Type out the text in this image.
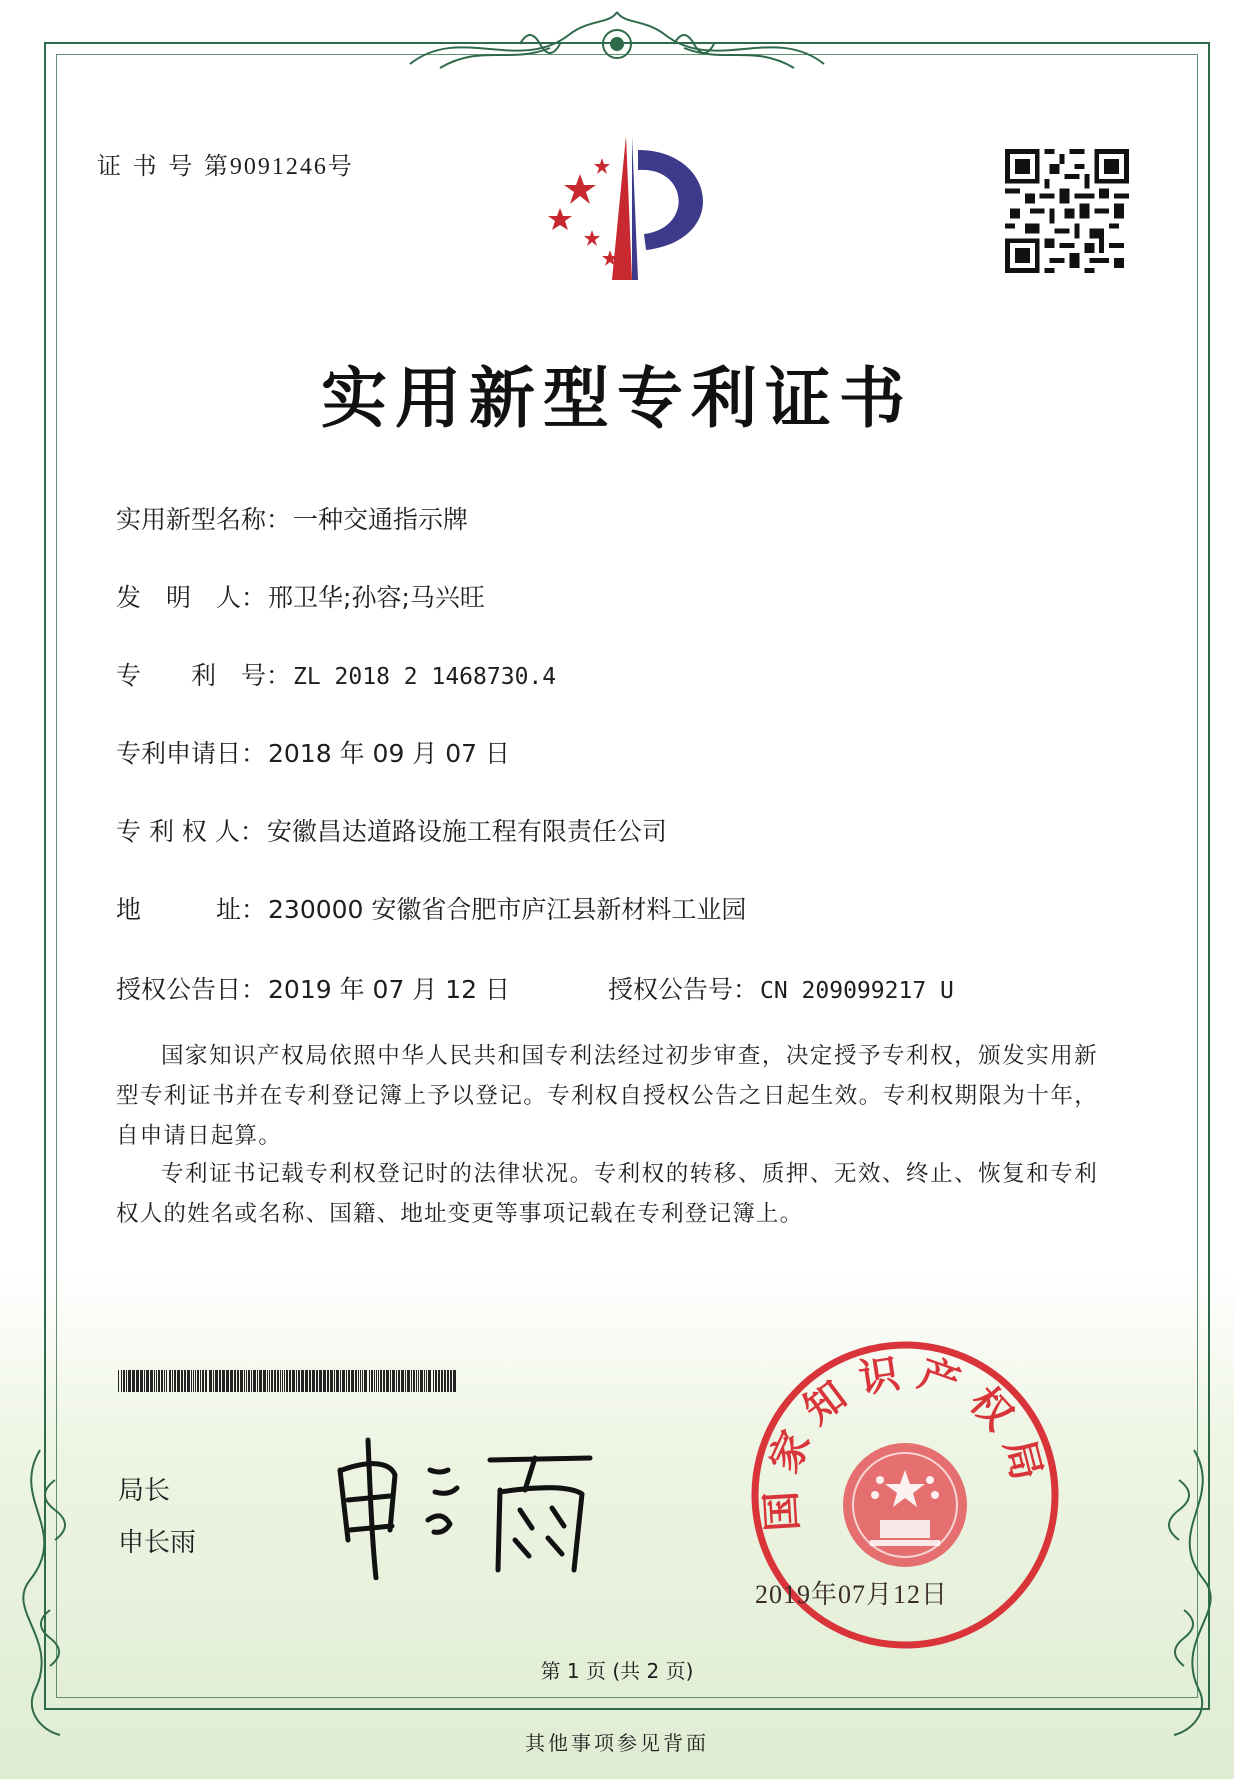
证 书 号 第9091246号
实用新型专利证书
实用新型名称：一种交通指示牌
发　明　人：邢卫华;孙容;马兴旺
专　　利　号：ZL 2018 2 1468730.4
专利申请日：2018 年 09 月 07 日
专 利 权 人：安徽昌达道路设施工程有限责任公司
地　　　址：230000 安徽省合肥市庐江县新材料工业园
授权公告日：2019 年 07 月 12 日	授权公告号：CN 209099217 U
国家知识产权局依照中华人民共和国专利法经过初步审查，决定授予专利权，颁发实用新型专利证书并在专利登记簿上予以登记。专利权自授权公告之日起生效。专利权期限为十年，自申请日起算。
专利证书记载专利权登记时的法律状况。专利权的转移、质押、无效、终止、恢复和专利权人的姓名或名称、国籍、地址变更等事项记载在专利登记簿上。
局长
申长雨
国家知识产权局
2019年07月12日
第 1 页 (共 2 页)
其他事项参见背面
